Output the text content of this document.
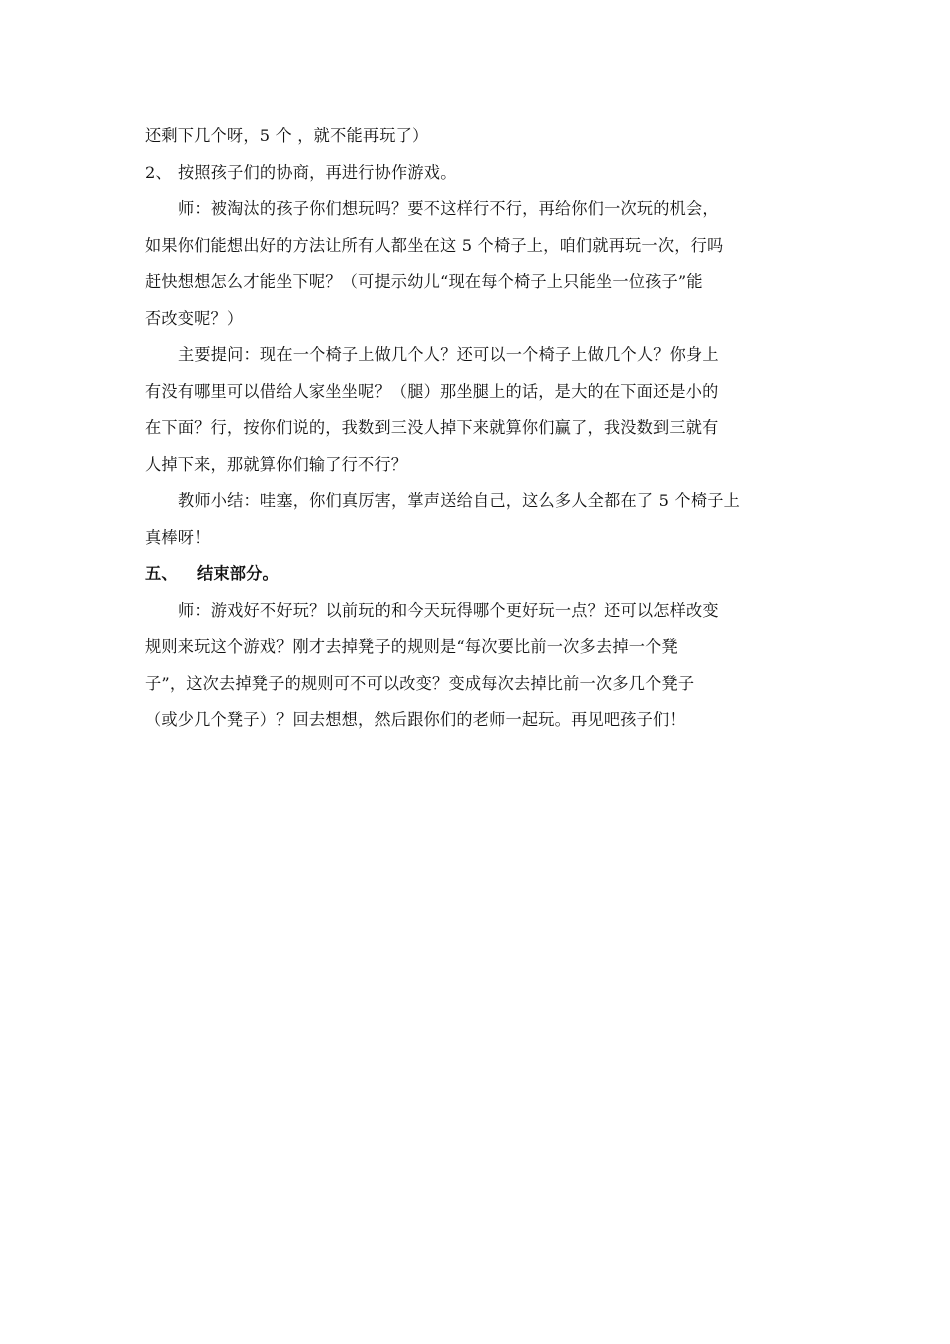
还剩下几个呀，5 个 ，就不能再玩了）
2、 按照孩子们的协商，再进行协作游戏。
师：被淘汰的孩子你们想玩吗？要不这样行不行，再给你们一次玩的机会，
如果你们能想出好的方法让所有人都坐在这 5 个椅子上，咱们就再玩一次，行吗
赶快想想怎么才能坐下呢？（可提示幼儿“现在每个椅子上只能坐一位孩子”能
否改变呢？）
主要提问：现在一个椅子上做几个人？还可以一个椅子上做几个人？你身上
有没有哪里可以借给人家坐坐呢？（腿）那坐腿上的话，是大的在下面还是小的
在下面？行，按你们说的，我数到三没人掉下来就算你们赢了，我没数到三就有
人掉下来，那就算你们输了行不行？
教师小结：哇塞，你们真厉害，掌声送给自己，这么多人全都在了 5 个椅子上
真棒呀！
五、 结束部分。
师：游戏好不好玩？以前玩的和今天玩得哪个更好玩一点？还可以怎样改变
规则来玩这个游戏？刚才去掉凳子的规则是“每次要比前一次多去掉一个凳
子”，这次去掉凳子的规则可不可以改变？变成每次去掉比前一次多几个凳子
（或少几个凳子）？回去想想，然后跟你们的老师一起玩。再见吧孩子们！
